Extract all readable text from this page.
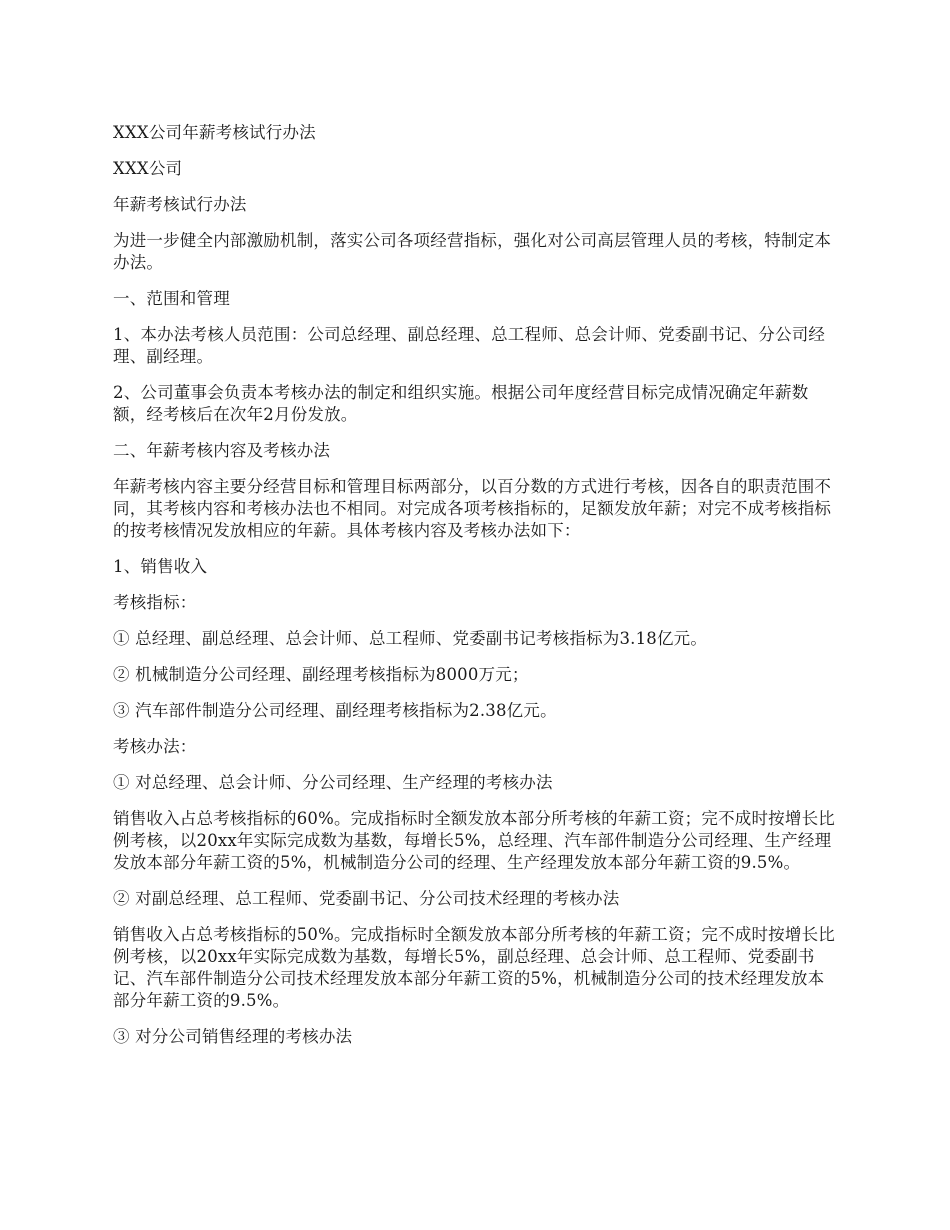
XXX公司年薪考核试行办法

XXX公司

年薪考核试行办法

为进一步健全内部激励机制，落实公司各项经营指标，强化对公司高层管理人员的考核，特制定本办法。

一、范围和管理

1、本办法考核人员范围：公司总经理、副总经理、总工程师、总会计师、党委副书记、分公司经理、副经理。

2、公司董事会负责本考核办法的制定和组织实施。根据公司年度经营目标完成情况确定年薪数额，经考核后在次年2月份发放。

二、年薪考核内容及考核办法

年薪考核内容主要分经营目标和管理目标两部分，以百分数的方式进行考核，因各自的职责范围不同，其考核内容和考核办法也不相同。对完成各项考核指标的，足额发放年薪；对完不成考核指标的按考核情况发放相应的年薪。具体考核内容及考核办法如下：

1、销售收入

考核指标：

① 总经理、副总经理、总会计师、总工程师、党委副书记考核指标为3.18亿元。

② 机械制造分公司经理、副经理考核指标为8000万元；

③ 汽车部件制造分公司经理、副经理考核指标为2.38亿元。

考核办法：

① 对总经理、总会计师、分公司经理、生产经理的考核办法

销售收入占总考核指标的60%。完成指标时全额发放本部分所考核的年薪工资；完不成时按增长比例考核，以20xx年实际完成数为基数，每增长5%，总经理、汽车部件制造分公司经理、生产经理发放本部分年薪工资的5%，机械制造分公司的经理、生产经理发放本部分年薪工资的9.5%。

② 对副总经理、总工程师、党委副书记、分公司技术经理的考核办法

销售收入占总考核指标的50%。完成指标时全额发放本部分所考核的年薪工资；完不成时按增长比例考核，以20xx年实际完成数为基数，每增长5%，副总经理、总会计师、总工程师、党委副书记、汽车部件制造分公司技术经理发放本部分年薪工资的5%，机械制造分公司的技术经理发放本部分年薪工资的9.5%。

③ 对分公司销售经理的考核办法
